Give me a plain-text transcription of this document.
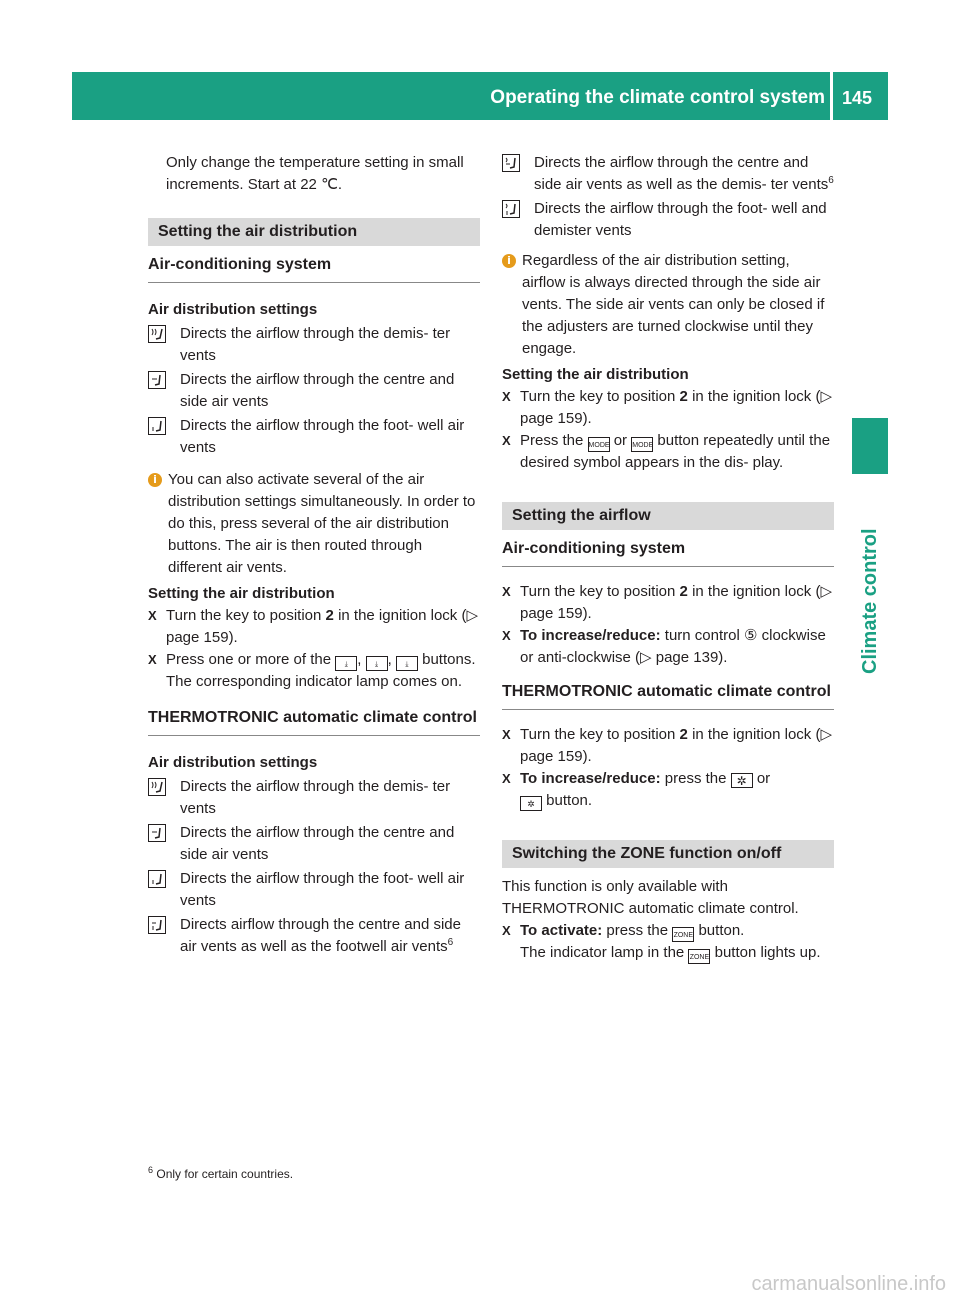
Operating the climate control system 145
Climate control

Only change the temperature setting in small increments. Start at 22 ℃.

Setting the air distribution
Air-conditioning system

Air distribution settings

Directs the airflow through the demis- ter vents
Directs the airflow through the centre and side air vents
Directs the airflow through the foot- well air vents
i You can also activate several of the air distribution settings simultaneously. In order to do this, press several of the air distribution buttons. The air is then routed through different air vents.

Setting the air distribution

X Turn the key to position 2 in the ignition lock (▷ page 159).
X Press one or more of the ⤓ , ⤓ , ⤓ buttons.
The corresponding indicator lamp comes on.
THERMOTRONIC automatic climate control

Air distribution settings

Directs the airflow through the demis- ter vents
Directs the airflow through the centre and side air vents
Directs the airflow through the foot- well air vents
Directs airflow through the centre and side air vents as well as the footwell air vents$^6$
Directs the airflow through the centre and side air vents as well as the demis- ter vents$^6$
Directs the airflow through the foot- well and demister vents
i Regardless of the air distribution setting, airflow is always directed through the side air vents. The side air vents can only be closed if the adjusters are turned clockwise until they engage.

Setting the air distribution

X Turn the key to position 2 in the ignition lock (▷ page 159).
X Press the MODE or MODE button repeatedly until the desired symbol appears in the dis- play.
Setting the airflow
Air-conditioning system
X Turn the key to position 2 in the ignition lock (▷ page 159).
X To increase/reduce: turn control ⑤ clockwise or anti-clockwise (▷ page 139).
THERMOTRONIC automatic climate control
X Turn the key to position 2 in the ignition lock (▷ page 159).
X To increase/reduce: press the ✲ or
✲ button.
Switching the ZONE function on/off

This function is only available with THERMOTRONIC automatic climate control.

X To activate: press the ZONE button.
The indicator lamp in the ZONE button lights up.
$^6$ Only for certain countries.
carmanualsonline.info
